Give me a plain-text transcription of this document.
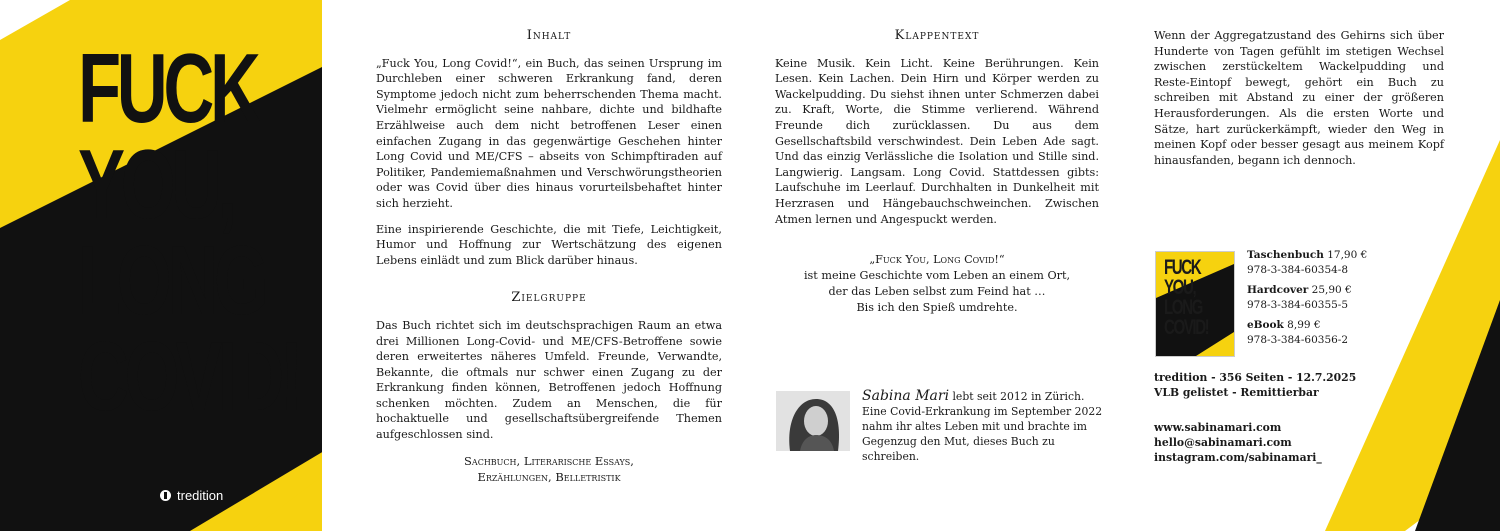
FUCK
YOU,
LONG
COVID!
tredition
Inhalt

„Fuck You, Long Covid!“, ein Buch, das seinen Ursprung im Durchleben einer schweren Erkrankung fand, deren Symptome jedoch nicht zum beherrschenden Thema macht. Vielmehr ermöglicht seine nahbare, dichte und bildhafte Erzählweise auch dem nicht betroffenen Leser einen einfachen Zugang in das gegenwärtige Geschehen hinter Long Covid und ME/CFS – abseits von Schimpftiraden auf Politiker, Pandemiemaßnahmen und Verschwörungstheorien oder was Covid über dies hinaus vorurteilsbehaftet hinter sich herzieht.

Eine inspirierende Geschichte, die mit Tiefe, Leichtigkeit, Humor und Hoffnung zur Wertschätzung des eigenen Lebens einlädt und zum Blick darüber hinaus.

Zielgruppe

Das Buch richtet sich im deutschsprachigen Raum an etwa drei Millionen Long-Covid- und ME/CFS-Betroffene sowie deren erweitertes näheres Umfeld. Freunde, Verwandte, Bekannte, die oftmals nur schwer einen Zugang zu der Erkrankung finden können, Betroffenen jedoch Hoffnung schenken möchten. Zudem an Menschen, die für hochaktuelle und gesellschaftsübergreifende Themen aufgeschlossen sind.

Sachbuch, Literarische Essays,
Erzählungen, Belletristik
Klappentext

Keine Musik. Kein Licht. Keine Berührungen. Kein Lesen. Kein Lachen. Dein Hirn und Körper werden zu Wackelpudding. Du siehst ihnen unter Schmerzen dabei zu. Kraft, Worte, die Stimme verlierend. Während Freunde dich zurücklassen. Du aus dem Gesellschaftsbild verschwindest. Dein Leben Ade sagt. Und das einzig Verlässliche die Isolation und Stille sind. Langwierig. Langsam. Long Covid. Stattdessen gibts: Laufschuhe im Leerlauf. Durchhalten in Dunkelheit mit Herzrasen und Hängebauchschweinchen. Zwischen Atmen lernen und Angespuckt werden.

„Fuck You, Long Covid!“
ist meine Geschichte vom Leben an einem Ort,
der das Leben selbst zum Feind hat …
Bis ich den Spieß umdrehte.
Sabina Mari lebt seit 2012 in Zürich. Eine Covid-Erkrankung im September 2022 nahm ihr altes Leben mit und brachte im Gegenzug den Mut, dieses Buch zu schreiben.

Wenn der Aggregatzustand des Gehirns sich über Hunderte von Tagen gefühlt im stetigen Wechsel zwischen zerstückeltem Wackelpudding und Reste-Eintopf bewegt, gehört ein Buch zu schreiben mit Abstand zu einer der größeren Herausforderungen. Als die ersten Worte und Sätze, hart zurückerkämpft, wieder den Weg in meinen Kopf oder besser gesagt aus meinem Kopf hinausfanden, begann ich dennoch.

FUCK
YOU,
LONG
COVID!
Taschenbuch 17,90 €
978-3-384-60354-8
Hardcover 25,90 €
978-3-384-60355-5
eBook 8,99 €
978-3-384-60356-2
tredition - 356 Seiten - 12.7.2025
VLB gelistet - Remittierbar
www.sabinamari.com
hello@sabinamari.com
instagram.com/sabinamari_
